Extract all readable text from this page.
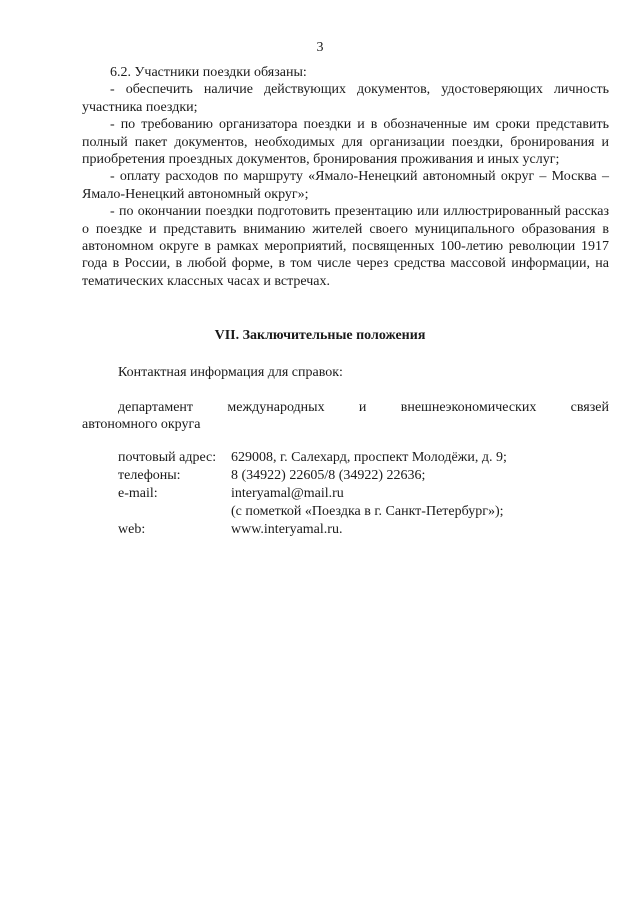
3

6.2. Участники поездки обязаны:

- обеспечить наличие действующих документов, удостоверяющих личность участника поездки;

- по требованию организатора поездки и в обозначенные им сроки представить полный пакет документов, необходимых для организации поездки, бронирования и приобретения проездных документов, бронирования проживания и иных услуг;

- оплату расходов по маршруту «Ямало-Ненецкий автономный округ – Москва – Ямало-Ненецкий автономный округ»;

- по окончании поездки подготовить презентацию или иллюстрированный рассказ о поездке и представить вниманию жителей своего муниципального образования в автономном округе в рамках мероприятий, посвященных 100-летию революции 1917 года в России, в любой форме, в том числе через средства массовой информации, на тематических классных часах и встречах.

VII. Заключительные положения
Контактная информация для справок:
департамент международных и внешнеэкономических связей
автономного округа
почтовый адрес:	629008, г. Салехард, проспект Молодёжи, д. 9;
телефоны:	8 (34922) 22605/8 (34922) 22636;
e-mail:	interyamal@mail.ru
(с пометкой «Поездка в г. Санкт-Петербург»);
web:	www.interyamal.ru.
